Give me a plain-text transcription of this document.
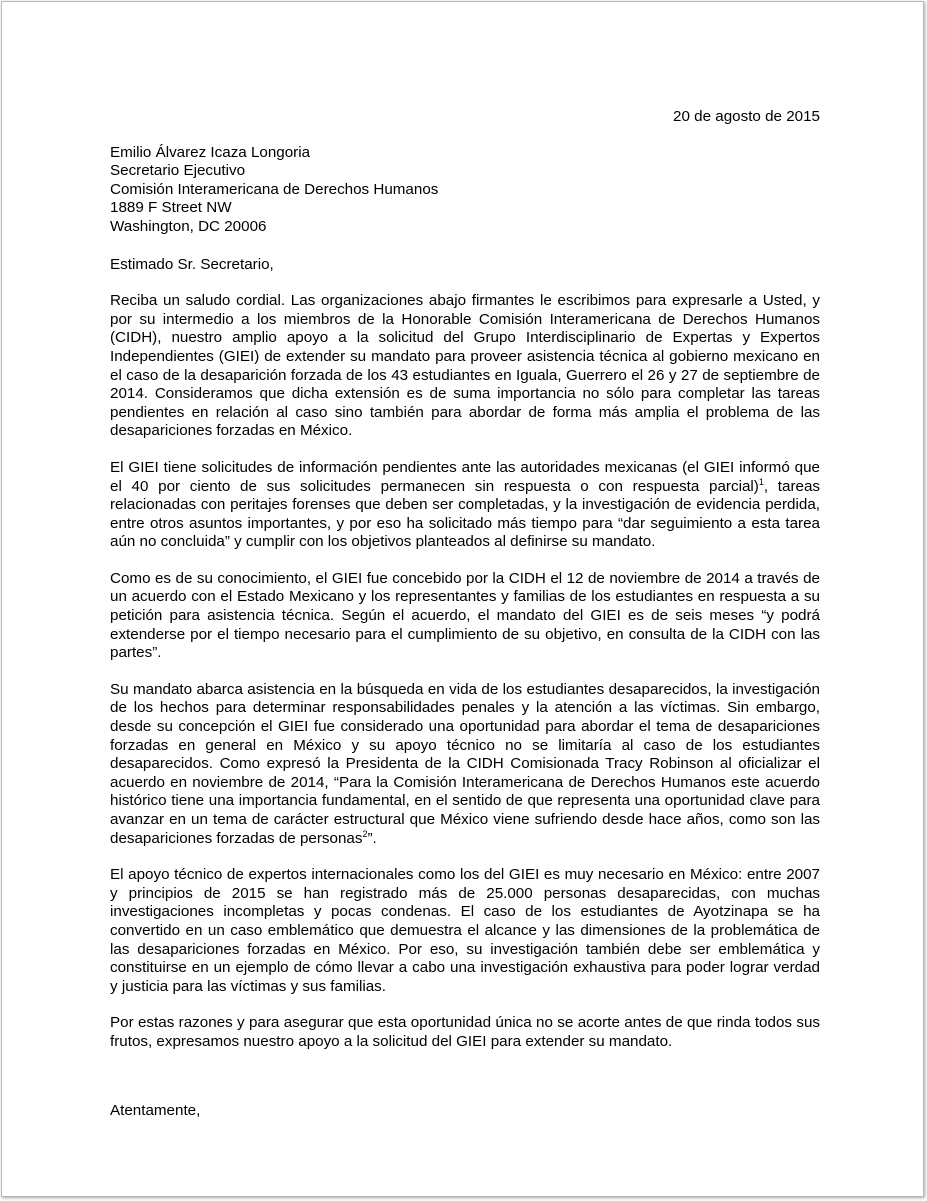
20 de agosto de 2015
Emilio Álvarez Icaza Longoria
Secretario Ejecutivo
Comisión Interamericana de Derechos Humanos
1889 F Street NW
Washington, DC 20006
Estimado Sr. Secretario,

Reciba un saludo cordial. Las organizaciones abajo firmantes le escribimos para expresarle a Usted, y por su intermedio a los miembros de la Honorable Comisión Interamericana de Derechos Humanos (CIDH), nuestro amplio apoyo a la solicitud del Grupo Interdisciplinario de Expertas y Expertos Independientes (GIEI) de extender su mandato para proveer asistencia técnica al gobierno mexicano en el caso de la desaparición forzada de los 43 estudiantes en Iguala, Guerrero el 26 y 27 de septiembre de 2014. Consideramos que dicha extensión es de suma importancia no sólo para completar las tareas pendientes en relación al caso sino también para abordar de forma más amplia el problema de las desapariciones forzadas en México.

El GIEI tiene solicitudes de información pendientes ante las autoridades mexicanas (el GIEI informó que el 40 por ciento de sus solicitudes permanecen sin respuesta o con respuesta parcial)$^1$, tareas relacionadas con peritajes forenses que deben ser completadas, y la investigación de evidencia perdida, entre otros asuntos importantes, y por eso ha solicitado más tiempo para “dar seguimiento a esta tarea aún no concluida” y cumplir con los objetivos planteados al definirse su mandato.

Como es de su conocimiento, el GIEI fue concebido por la CIDH el 12 de noviembre de 2014 a través de un acuerdo con el Estado Mexicano y los representantes y familias de los estudiantes en respuesta a su petición para asistencia técnica. Según el acuerdo, el mandato del GIEI es de seis meses “y podrá extenderse por el tiempo necesario para el cumplimiento de su objetivo, en consulta de la CIDH con las partes”.

Su mandato abarca asistencia en la búsqueda en vida de los estudiantes desaparecidos, la investigación de los hechos para determinar responsabilidades penales y la atención a las víctimas. Sin embargo, desde su concepción el GIEI fue considerado una oportunidad para abordar el tema de desapariciones forzadas en general en México y su apoyo técnico no se limitaría al caso de los estudiantes desaparecidos. Como expresó la Presidenta de la CIDH Comisionada Tracy Robinson al oficializar el acuerdo en noviembre de 2014, “Para la Comisión Interamericana de Derechos Humanos este acuerdo histórico tiene una importancia fundamental, en el sentido de que representa una oportunidad clave para avanzar en un tema de carácter estructural que México viene sufriendo desde hace años, como son las desapariciones forzadas de personas$^2$”.

El apoyo técnico de expertos internacionales como los del GIEI es muy necesario en México: entre 2007 y principios de 2015 se han registrado más de 25.000 personas desaparecidas, con muchas investigaciones incompletas y pocas condenas. El caso de los estudiantes de Ayotzinapa se ha convertido en un caso emblemático que demuestra el alcance y las dimensiones de la problemática de las desapariciones forzadas en México. Por eso, su investigación también debe ser emblemática y constituirse en un ejemplo de cómo llevar a cabo una investigación exhaustiva para poder lograr verdad y justicia para las víctimas y sus familias.

Por estas razones y para asegurar que esta oportunidad única no se acorte antes de que rinda todos sus frutos, expresamos nuestro apoyo a la solicitud del GIEI para extender su mandato.

Atentamente,
